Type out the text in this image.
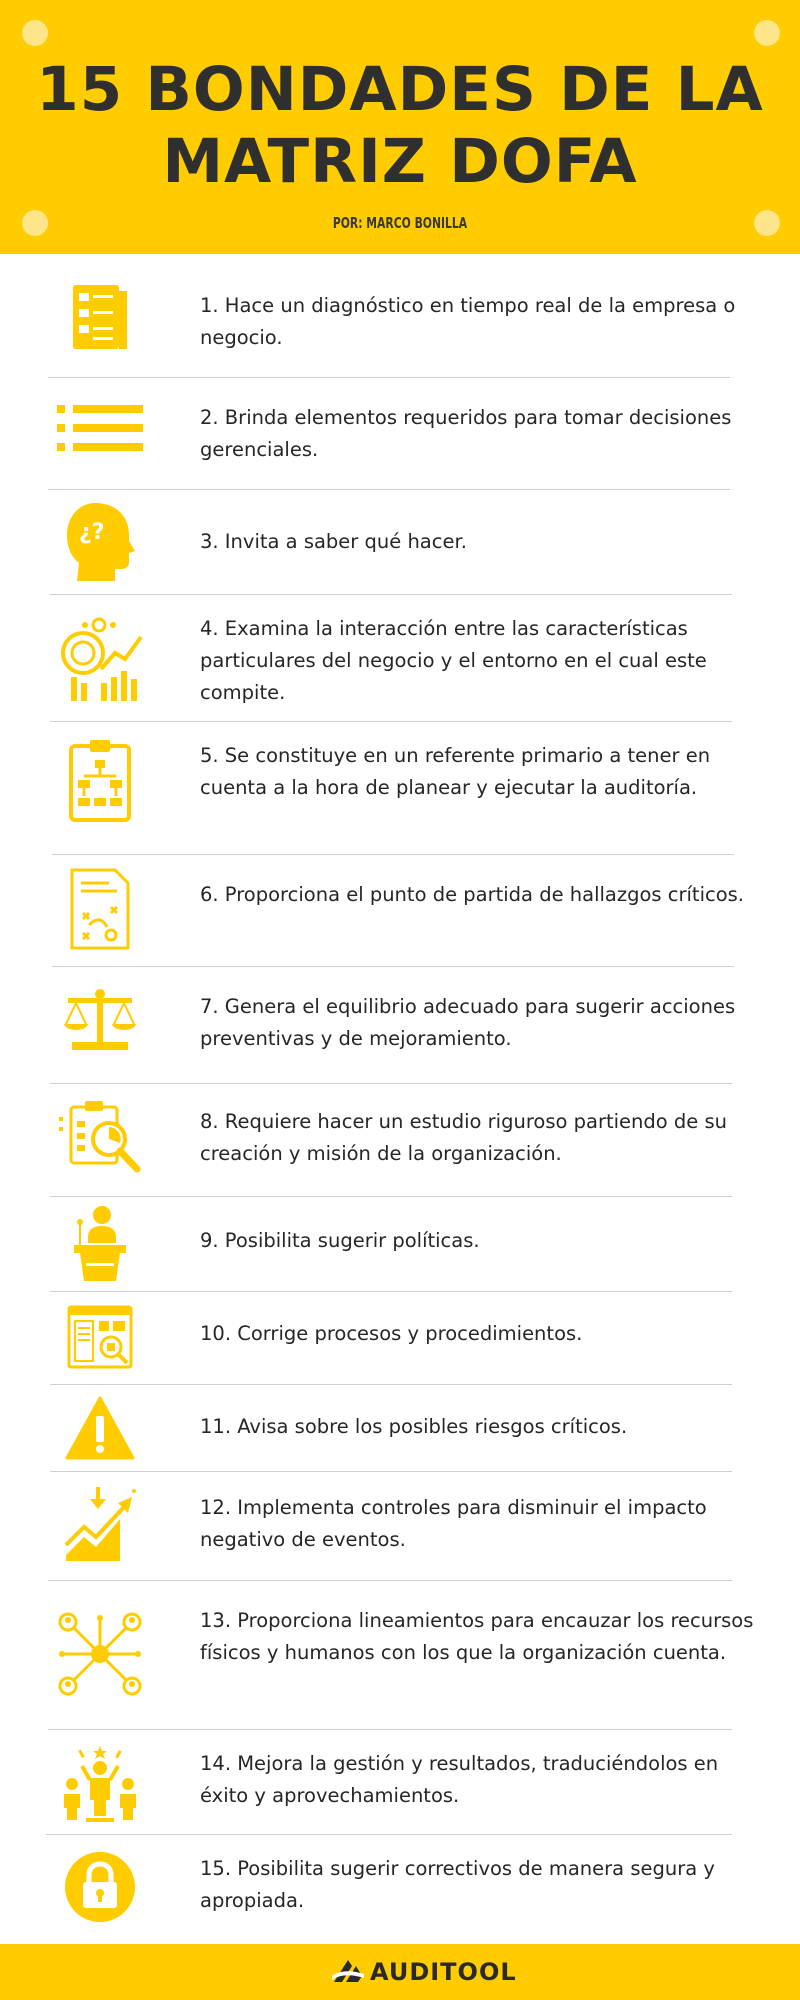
15 BONDADES DE LA
MATRIZ DOFA
POR: MARCO BONILLA
1. Hace un diagnóstico en tiempo real de la empresa o negocio.
2. Brinda elementos requeridos para tomar decisiones gerenciales.
¿?	3. Invita a saber qué hacer.
4. Examina la interacción entre las características particulares del negocio y el entorno en el cual este compite.
5. Se constituye en un referente primario a tener en cuenta a la hora de planear y ejecutar la auditoría.
6. Proporciona el punto de partida de hallazgos críticos.
7. Genera el equilibrio adecuado para sugerir acciones preventivas y de mejoramiento.
8. Requiere hacer un estudio riguroso partiendo de su creación y misión de la organización.
9. Posibilita sugerir políticas.
10. Corrige procesos y procedimientos.
11. Avisa sobre los posibles riesgos críticos.
12. Implementa controles para disminuir el impacto negativo de eventos.
13. Proporciona lineamientos para encauzar los recursos físicos y humanos con los que la organización cuenta.
14. Mejora la gestión y resultados, traduciéndolos en éxito y aprovechamientos.
15. Posibilita sugerir correctivos de manera segura y apropiada.
AUDITOOL
